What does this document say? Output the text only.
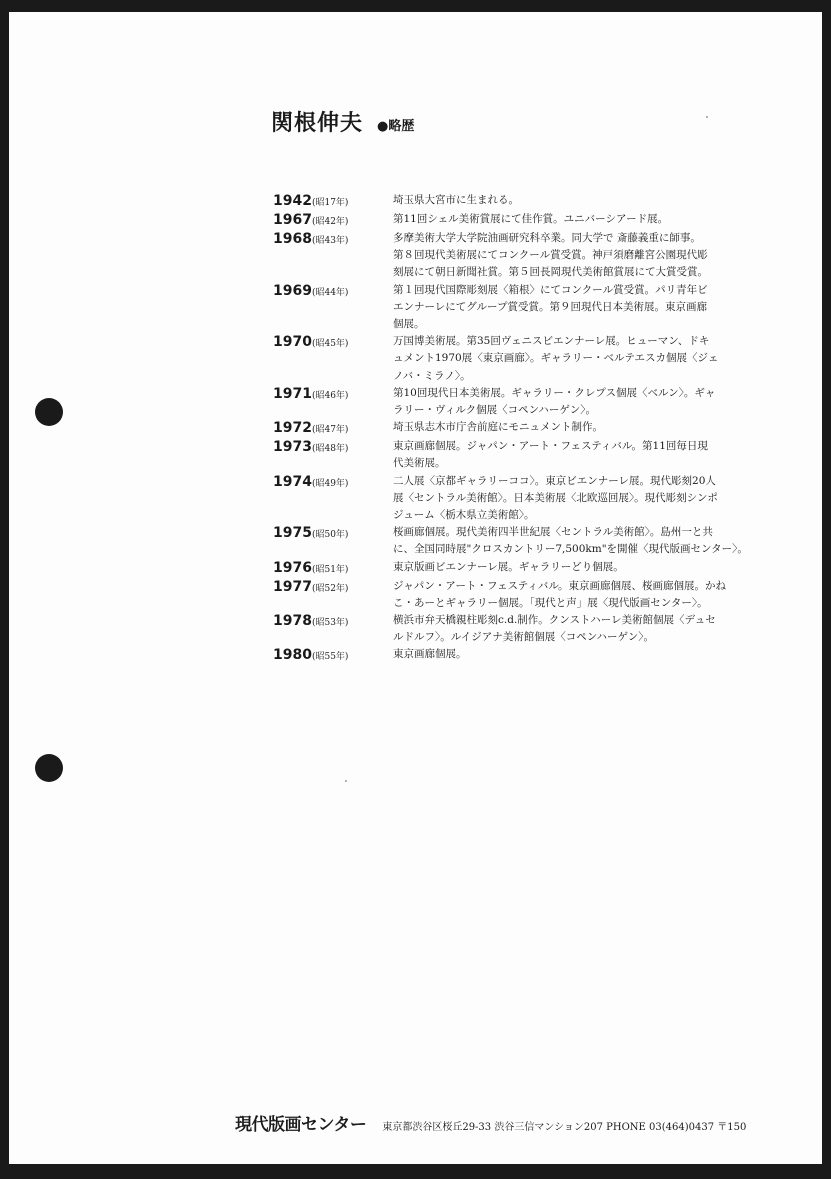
関根伸夫 ●略歴
1942(昭17年)	埼玉県大宮市に生まれる。
1967(昭42年)	第11回シェル美術賞展にて佳作賞。ユニバーシアード展。
1968(昭43年)	多摩美術大学大学院油画研究科卒業。同大学で 斎藤義重に師事。
第８回現代美術展にてコンクール賞受賞。神戸須磨離宮公園現代彫
刻展にて朝日新聞社賞。第５回長岡現代美術館賞展にて大賞受賞。
1969(昭44年)	第１回現代国際彫刻展〈箱根〉にてコンクール賞受賞。パリ青年ビ
エンナーレにてグループ賞受賞。第９回現代日本美術展。東京画廊
個展。
1970(昭45年)	万国博美術展。第35回ヴェニスビエンナーレ展。ヒューマン、ドキ
ュメント1970展〈東京画廊〉。ギャラリー・ベルテエスカ個展〈ジェ
ノバ・ミラノ〉。
1971(昭46年)	第10回現代日本美術展。ギャラリー・クレプス個展〈ベルン〉。ギャ
ラリー・ヴィルク個展〈コペンハーゲン〉。
1972(昭47年)	埼玉県志木市庁舎前庭にモニュメント制作。
1973(昭48年)	東京画廊個展。ジャパン・アート・フェスティバル。第11回毎日現
代美術展。
1974(昭49年)	二人展〈京都ギャラリーココ〉。東京ビエンナーレ展。現代彫刻20人
展〈セントラル美術館〉。日本美術展〈北欧巡回展〉。現代彫刻シンポ
ジューム〈栃木県立美術館〉。
1975(昭50年)	桜画廊個展。現代美術四半世紀展〈セントラル美術館〉。島州一と共
に、全国同時展"クロスカントリー7,500km"を開催〈現代版画センター〉。
1976(昭51年)	東京版画ビエンナーレ展。ギャラリーどり個展。
1977(昭52年)	ジャパン・アート・フェスティバル。東京画廊個展、桜画廊個展。かね
こ・あーとギャラリー個展。「現代と声」展〈現代版画センター〉。
1978(昭53年)	横浜市弁天橋親柱彫刻c.d.制作。クンストハーレ美術館個展〈デュセ
ルドルフ〉。ルイジアナ美術館個展〈コペンハーゲン〉。
1980(昭55年)	東京画廊個展。
現代版画センター 東京都渋谷区桜丘29-33 渋谷三信マンション207 PHONE 03(464)0437 〒150
